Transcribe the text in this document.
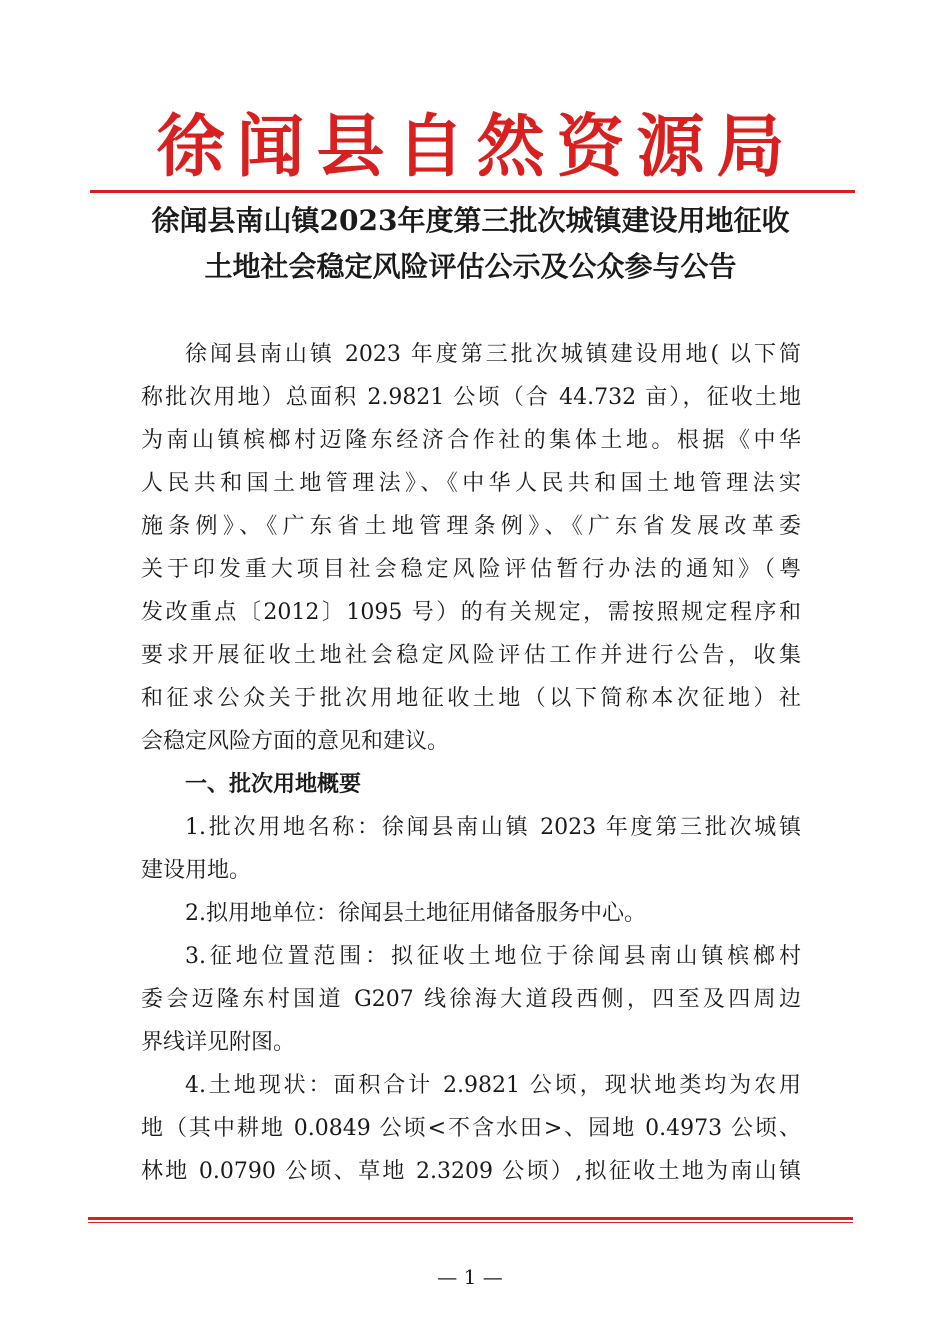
徐闻县自然资源局
徐闻县南山镇2023年度第三批次城镇建设用地征收
土地社会稳定风险评估公示及公众参与公告
徐闻县南山镇 2023 年度第三批次城镇建设用地( 以下简
称批次用地）总面积 2.9821 公顷（合 44.732 亩），征收土地
为南山镇槟榔村迈隆东经济合作社的集体土地。根据《中华
人民共和国土地管理法》、《中华人民共和国土地管理法实
施条例》、《广东省土地管理条例》、《广东省发展改革委
关于印发重大项目社会稳定风险评估暂行办法的通知》（粤
发改重点〔2012〕1095 号）的有关规定，需按照规定程序和
要求开展征收土地社会稳定风险评估工作并进行公告，收集
和征求公众关于批次用地征收土地（以下简称本次征地）社
会稳定风险方面的意见和建议。
一、批次用地概要
1.批次用地名称：徐闻县南山镇 2023 年度第三批次城镇
建设用地。
2.拟用地单位：徐闻县土地征用储备服务中心。
3.征地位置范围：拟征收土地位于徐闻县南山镇槟榔村
委会迈隆东村国道 G207 线徐海大道段西侧，四至及四周边
界线详见附图。
4.土地现状：面积合计 2.9821 公顷，现状地类均为农用
地（其中耕地 0.0849 公顷<不含水田>、园地 0.4973 公顷、
林地 0.0790 公顷、草地 2.3209 公顷）,拟征收土地为南山镇
— 1 —
